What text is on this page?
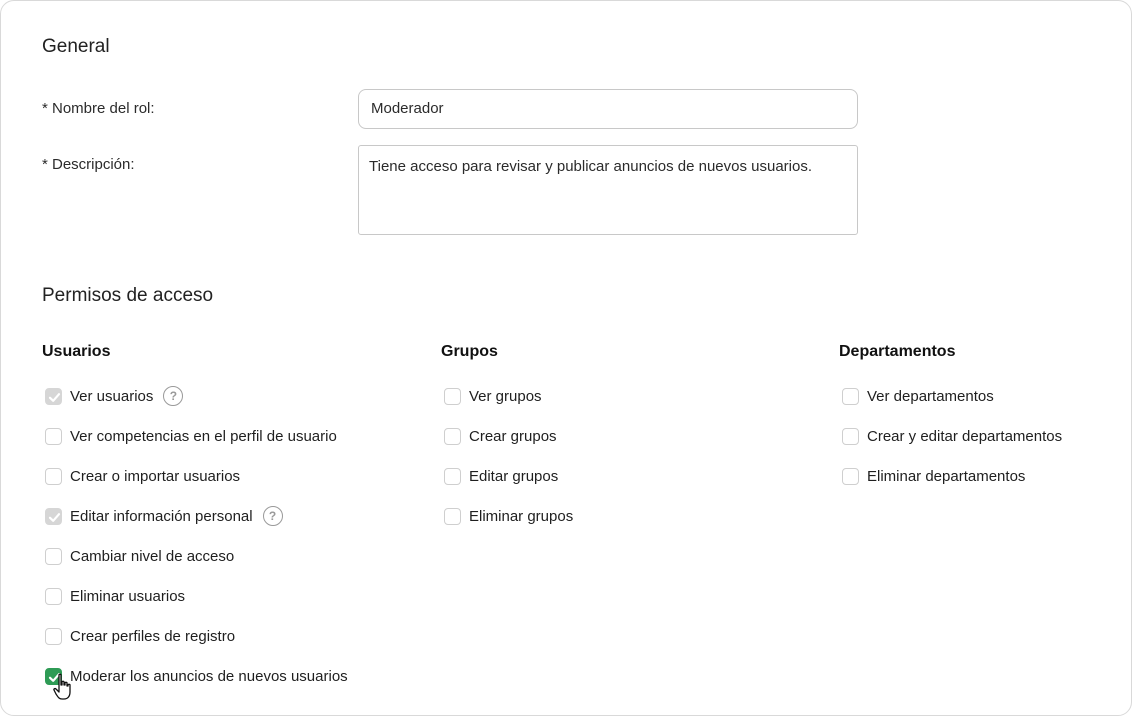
General
* Nombre del rol:	Moderador
* Descripción:	Tiene acceso para revisar y publicar anuncios de nuevos usuarios.
Permisos de acceso
Usuarios
Ver usuarios	?
Ver competencias en el perfil de usuario
Crear o importar usuarios
Editar información personal	?
Cambiar nivel de acceso
Eliminar usuarios
Crear perfiles de registro
Moderar los anuncios de nuevos usuarios
Grupos
Ver grupos
Crear grupos
Editar grupos
Eliminar grupos
Departamentos
Ver departamentos
Crear y editar departamentos
Eliminar departamentos
